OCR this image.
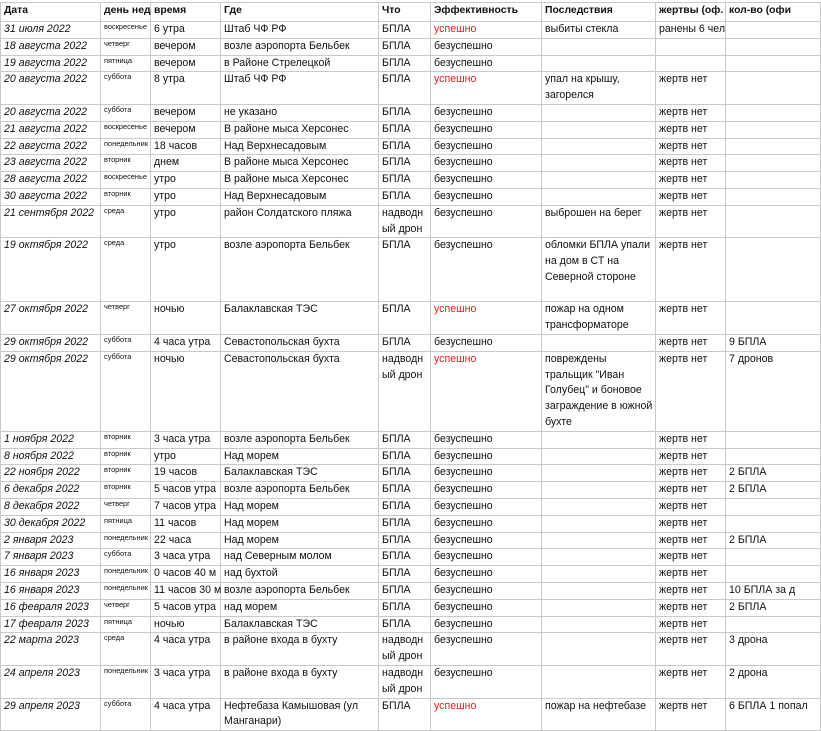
Дата	день нед	время	Где	Что	Эффективность	Последствия	жертвы (оф.	кол-во (офи
31 июля 2022	воскресенье	6 утра	Штаб ЧФ РФ	БПЛА	успешно	выбиты стекла	ранены 6 чел	
18 августа 2022	четверг	вечером	возле аэропорта Бельбек	БПЛА	безуспешно			
19 августа 2022	пятница	вечером	в Районе Стрелецкой	БПЛА	безуспешно			
20 августа 2022	суббота	8 утра	Штаб ЧФ РФ	БПЛА	успешно	упал на крышу, загорелся	жертв нет	
20 августа 2022	суббота	вечером	не указано	БПЛА	безуспешно		жертв нет	
21 августа 2022	воскресенье	вечером	В районе мыса Херсонес	БПЛА	безуспешно		жертв нет	
22 августа 2022	понедельник	18 часов	Над Верхнесадовым	БПЛА	безуспешно		жертв нет	
23 августа 2022	вторник	днем	В районе мыса Херсонес	БПЛА	безуспешно		жертв нет	
28 августа 2022	воскресенье	утро	В районе мыса Херсонес	БПЛА	безуспешно		жертв нет	
30 августа 2022	вторник	утро	Над Верхнесадовым	БПЛА	безуспешно		жертв нет	
21 сентября 2022	среда	утро	район Солдатского пляжа	надводный дрон	безуспешно	выброшен на берег	жертв нет	
19 октября 2022	среда	утро	возле аэропорта Бельбек	БПЛА	безуспешно	обломки БПЛА упали на дом в СТ на Северной стороне	жертв нет	
27 октября 2022	четверг	ночью	Балаклавская ТЭС	БПЛА	успешно	пожар на одном трансформаторе	жертв нет	
29 октября 2022	суббота	4 часа утра	Севастопольская бухта	БПЛА	безуспешно		жертв нет	9 БПЛА
29 октября 2022	суббота	ночью	Севастопольская бухта	надводный дрон	успешно	повреждены тральщик "Иван Голубец" и боновое заграждение в южной бухте	жертв нет	7 дронов
1 ноября 2022	вторник	3 часа утра	возле аэропорта Бельбек	БПЛА	безуспешно		жертв нет	
8 ноября 2022	вторник	утро	Над морем	БПЛА	безуспешно		жертв нет	
22 ноября 2022	вторник	19 часов	Балаклавская ТЭС	БПЛА	безуспешно		жертв нет	2 БПЛА
6 декабря 2022	вторник	5 часов утра	возле аэропорта Бельбек	БПЛА	безуспешно		жертв нет	2 БПЛА
8 декабря 2022	четверг	7 часов утра	Над морем	БПЛА	безуспешно		жертв нет	
30 декабря 2022	пятница	11 часов	Над морем	БПЛА	безуспешно		жертв нет	
2 января 2023	понедельник	22 часа	Над морем	БПЛА	безуспешно		жертв нет	2 БПЛА
7 января 2023	суббота	3 часа утра	над Северным молом	БПЛА	безуспешно		жертв нет	
16 января 2023	понедельник	0 часов 40 м	над бухтой	БПЛА	безуспешно		жертв нет	
16 января 2023	понедельник	11 часов 30 м	возле аэропорта Бельбек	БПЛА	безуспешно		жертв нет	10 БПЛА за д
16 февраля 2023	четверг	5 часов утра	над морем	БПЛА	безуспешно		жертв нет	2 БПЛА
17 февраля 2023	пятница	ночью	Балаклавская ТЭС	БПЛА	безуспешно		жертв нет	
22 марта 2023	среда	4 часа утра	в районе входа в бухту	надводный дрон	безуспешно		жертв нет	3 дрона
24 апреля 2023	понедельник	3 часа утра	в районе входа в бухту	надводный дрон	безуспешно		жертв нет	2 дрона
29 апреля 2023	суббота	4 часа утра	Нефтебаза Камышовая (ул Манганари)	БПЛА	успешно	пожар на нефтебазе	жертв нет	6 БПЛА 1 попал
